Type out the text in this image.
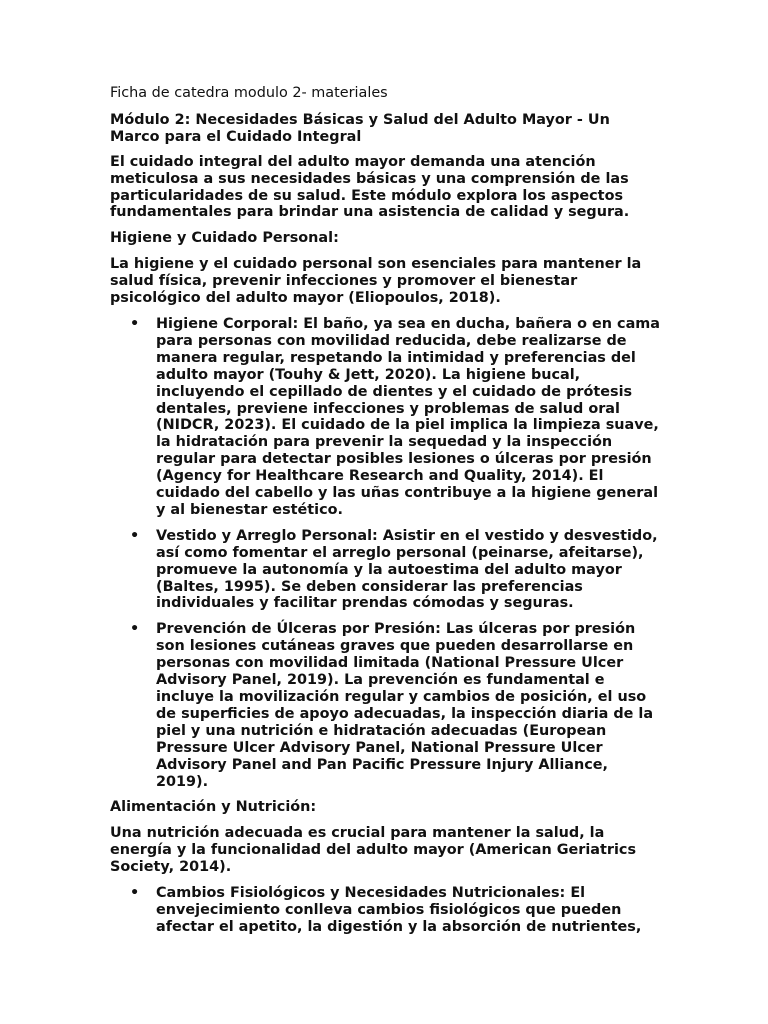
Ficha de catedra modulo 2- materiales

Módulo 2: Necesidades Básicas y Salud del Adulto Mayor - Un Marco para el Cuidado Integral

El cuidado integral del adulto mayor demanda una atención meticulosa a sus necesidades básicas y una comprensión de las particularidades de su salud. Este módulo explora los aspectos fundamentales para brindar una asistencia de calidad y segura.

Higiene y Cuidado Personal:

La higiene y el cuidado personal son esenciales para mantener la salud física, prevenir infecciones y promover el bienestar psicológico del adulto mayor (Eliopoulos, 2018).

• Higiene Corporal: El baño, ya sea en ducha, bañera o en cama para personas con movilidad reducida, debe realizarse de manera regular, respetando la intimidad y preferencias del adulto mayor (Touhy & Jett, 2020). La higiene bucal, incluyendo el cepillado de dientes y el cuidado de prótesis dentales, previene infecciones y problemas de salud oral (NIDCR, 2023). El cuidado de la piel implica la limpieza suave, la hidratación para prevenir la sequedad y la inspección regular para detectar posibles lesiones o úlceras por presión (Agency for Healthcare Research and Quality, 2014). El cuidado del cabello y las uñas contribuye a la higiene general y al bienestar estético.
• Vestido y Arreglo Personal: Asistir en el vestido y desvestido, así como fomentar el arreglo personal (peinarse, afeitarse), promueve la autonomía y la autoestima del adulto mayor (Baltes, 1995). Se deben considerar las preferencias individuales y facilitar prendas cómodas y seguras.
• Prevención de Úlceras por Presión: Las úlceras por presión son lesiones cutáneas graves que pueden desarrollarse en personas con movilidad limitada (National Pressure Ulcer Advisory Panel, 2019). La prevención es fundamental e incluye la movilización regular y cambios de posición, el uso de superficies de apoyo adecuadas, la inspección diaria de la piel y una nutrición e hidratación adecuadas (European Pressure Ulcer Advisory Panel, National Pressure Ulcer Advisory Panel and Pan Pacific Pressure Injury Alliance, 2019).

Alimentación y Nutrición:

Una nutrición adecuada es crucial para mantener la salud, la energía y la funcionalidad del adulto mayor (American Geriatrics Society, 2014).

• Cambios Fisiológicos y Necesidades Nutricionales: El envejecimiento conlleva cambios fisiológicos que pueden afectar el apetito, la digestión y la absorción de nutrientes,
